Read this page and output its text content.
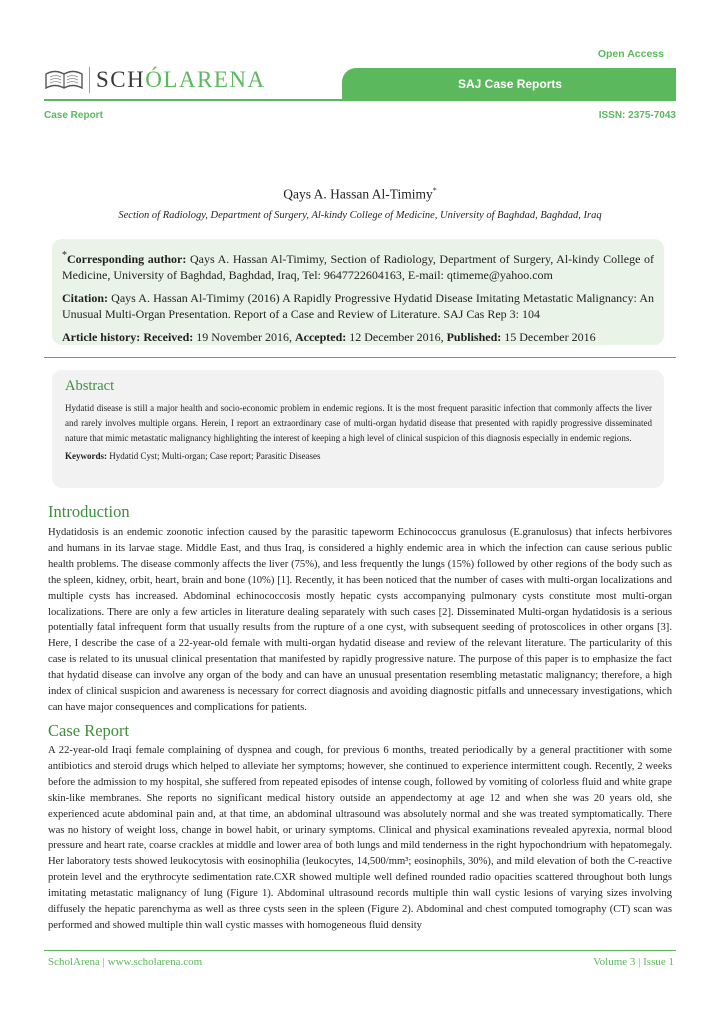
Open Access
SCHÓLARENA	SAJ Case Reports
Case Report	ISSN: 2375-7043
Qays A. Hassan Al-Timimy*
Section of Radiology, Department of Surgery, Al-kindy College of Medicine, University of Baghdad, Baghdad, Iraq

*Corresponding author: Qays A. Hassan Al-Timimy, Section of Radiology, Department of Surgery, Al-kindy College of Medicine, University of Baghdad, Baghdad, Iraq, Tel: 9647722604163, E-mail: qtimeme@yahoo.com

Citation: Qays A. Hassan Al-Timimy (2016) A Rapidly Progressive Hydatid Disease Imitating Metastatic Malignancy: An Unusual Multi-Organ Presentation. Report of a Case and Review of Literature. SAJ Cas Rep 3: 104

Article history: Received: 19 November 2016, Accepted: 12 December 2016, Published: 15 December 2016

Abstract

Hydatid disease is still a major health and socio-economic problem in endemic regions. It is the most frequent parasitic infection that commonly affects the liver and rarely involves multiple organs. Herein, I report an extraordinary case of multi-organ hydatid disease that presented with rapidly progressive disseminated nature that mimic metastatic malignancy highlighting the interest of keeping a high level of clinical suspicion of this diagnosis especially in endemic regions.

Keywords: Hydatid Cyst; Multi-organ; Case report; Parasitic Diseases
Introduction

Hydatidosis is an endemic zoonotic infection caused by the parasitic tapeworm Echinococcus granulosus (E.granulosus) that infects herbivores and humans in its larvae stage. Middle East, and thus Iraq, is considered a highly endemic area in which the infection can cause serious public health problems. The disease commonly affects the liver (75%), and less frequently the lungs (15%) followed by other regions of the body such as the spleen, kidney, orbit, heart, brain and bone (10%) [1]. Recently, it has been noticed that the number of cases with multi-organ localizations and multiple cysts has increased. Abdominal echinococcosis mostly hepatic cysts accompanying pulmonary cysts constitute most multi-organ localizations. There are only a few articles in literature dealing separately with such cases [2]. Disseminated Multi-organ hydatidosis is a serious potentially fatal infrequent form that usually results from the rupture of a one cyst, with subsequent seeding of protoscolices in other organs [3]. Here, I describe the case of a 22-year-old female with multi-organ hydatid disease and review of the relevant literature. The particularity of this case is related to its unusual clinical presentation that manifested by rapidly progressive nature. The purpose of this paper is to emphasize the fact that hydatid disease can involve any organ of the body and can have an unusual presentation resembling metastatic malignancy; therefore, a high index of clinical suspicion and awareness is necessary for correct diagnosis and avoiding diagnostic pitfalls and unnecessary investigations, which can have major consequences and complications for patients.

Case Report

A 22-year-old Iraqi female complaining of dyspnea and cough, for previous 6 months, treated periodically by a general practitioner with some antibiotics and steroid drugs which helped to alleviate her symptoms; however, she continued to experience intermittent cough. Recently, 2 weeks before the admission to my hospital, she suffered from repeated episodes of intense cough, followed by vomiting of colorless fluid and white grape skin-like membranes. She reports no significant medical history outside an appendectomy at age 12 and when she was 20 years old, she experienced acute abdominal pain and, at that time, an abdominal ultrasound was absolutely normal and she was treated symptomatically. There was no history of weight loss, change in bowel habit, or urinary symptoms. Clinical and physical examinations revealed apyrexia, normal blood pressure and heart rate, coarse crackles at middle and lower area of both lungs and mild tenderness in the right hypochondrium with hepatomegaly. Her laboratory tests showed leukocytosis with eosinophilia (leukocytes, 14,500/mm³; eosinophils, 30%), and mild elevation of both the C-reactive protein level and the erythrocyte sedimentation rate.CXR showed multiple well defined rounded radio opacities scattered throughout both lungs imitating metastatic malignancy of lung (Figure 1). Abdominal ultrasound records multiple thin wall cystic lesions of varying sizes involving diffusely the hepatic parenchyma as well as three cysts seen in the spleen (Figure 2). Abdominal and chest computed tomography (CT) scan was performed and showed multiple thin wall cystic masses with homogeneous fluid density

ScholArena | www.scholarena.com	Volume 3 | Issue 1
